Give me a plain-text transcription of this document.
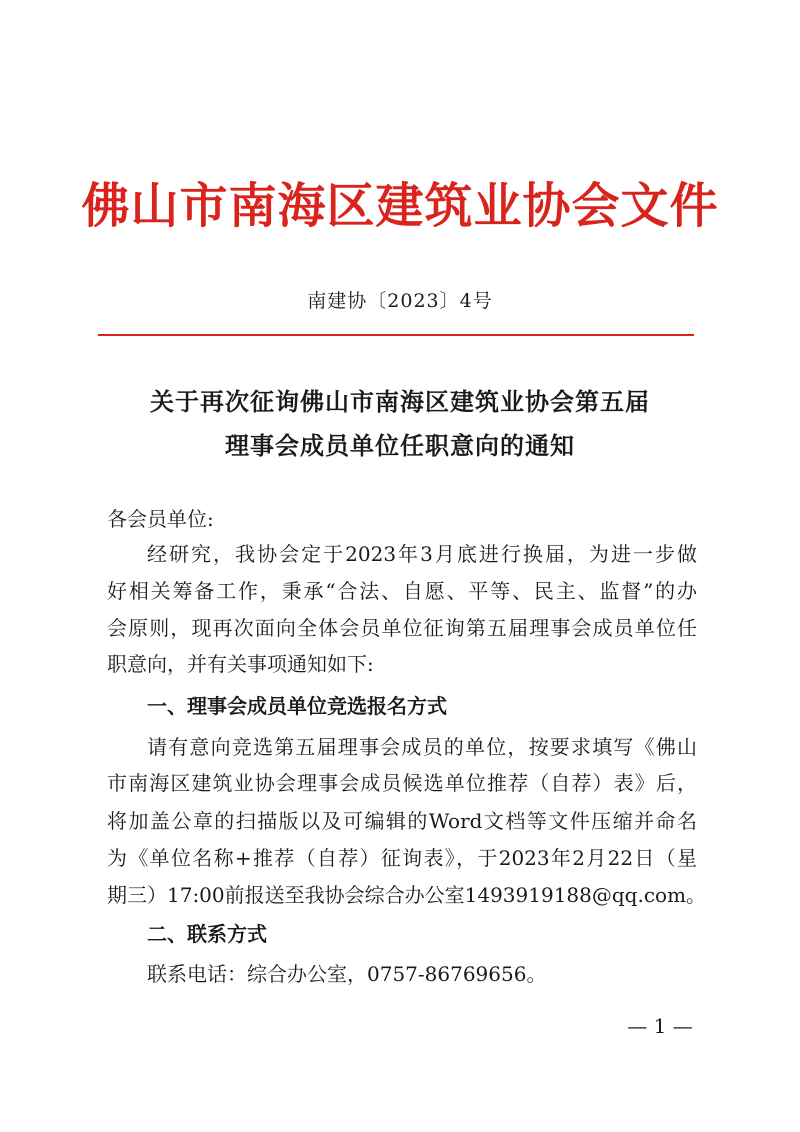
佛山市南海区建筑业协会文件
南建协〔2023〕4号
关于再次征询佛山市南海区建筑业协会第五届
理事会成员单位任职意向的通知
各会员单位:
经研究，我协会定于2023年3月底进行换届，为进一步做
好相关筹备工作，秉承“合法、自愿、平等、民主、监督”的办
会原则，现再次面向全体会员单位征询第五届理事会成员单位任
职意向，并有关事项通知如下:
一、理事会成员单位竞选报名方式
请有意向竞选第五届理事会成员的单位，按要求填写《佛山
市南海区建筑业协会理事会成员候选单位推荐（自荐）表》后，
将加盖公章的扫描版以及可编辑的Word文档等文件压缩并命名
为《单位名称+推荐（自荐）征询表》，于2023年2月22日（星
期三）17:00前报送至我协会综合办公室1493919188@qq.com。
二、联系方式
联系电话：综合办公室，0757-86769656。
— 1 —
